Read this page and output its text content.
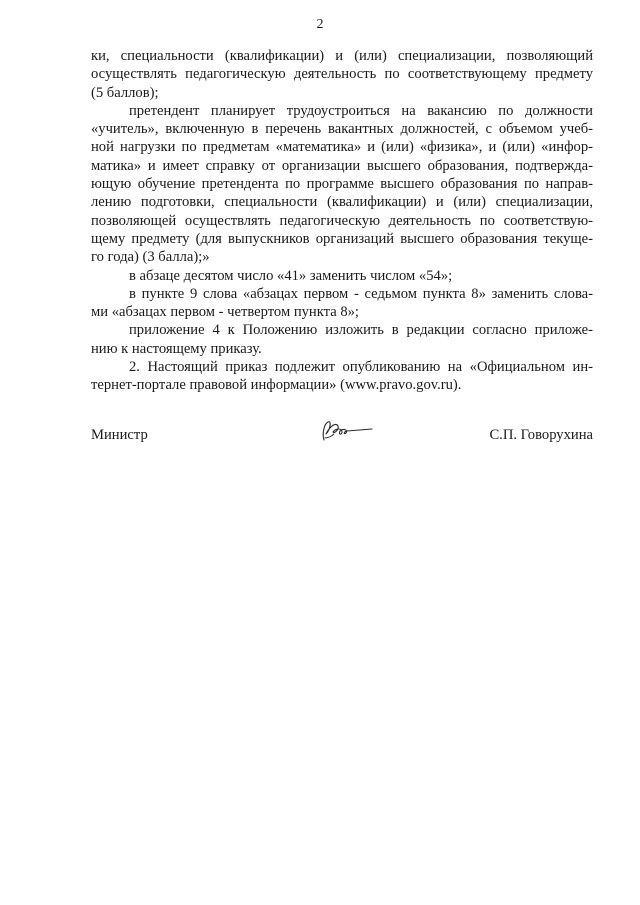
2
ки, специальности (квалификации) и (или) специализации, позволяющий
осуществлять педагогическую деятельность по соответствующему предмету
(5 баллов);
претендент планирует трудоустроиться на вакансию по должности
«учитель», включенную в перечень вакантных должностей, с объемом учеб-
ной нагрузки по предметам «математика» и (или) «физика», и (или) «инфор-
матика» и имеет справку от организации высшего образования, подтвержда-
ющую обучение претендента по программе высшего образования по направ-
лению подготовки, специальности (квалификации) и (или) специализации,
позволяющей осуществлять педагогическую деятельность по соответствую-
щему предмету (для выпускников организаций высшего образования текуще-
го года) (3 балла);»
в абзаце десятом число «41» заменить числом «54»;
в пункте 9 слова «абзацах первом - седьмом пункта 8» заменить слова-
ми «абзацах первом - четвертом пункта 8»;
приложение 4 к Положению изложить в редакции согласно приложе-
нию к настоящему приказу.
2. Настоящий приказ подлежит опубликованию на «Официальном ин-
тернет-портале правовой информации» (www.pravo.gov.ru).
Министр	С.П. Говорухина
